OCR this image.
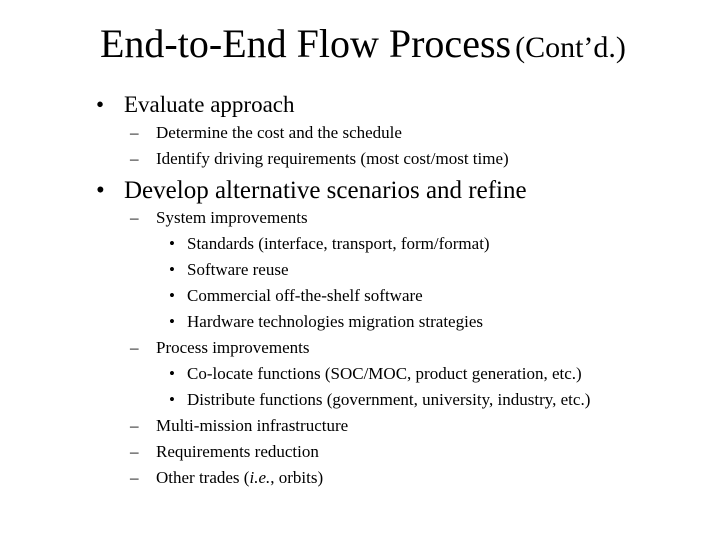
End-to-End Flow Process (Cont’d.)
• Evaluate approach
– Determine the cost and the schedule
– Identify driving requirements (most cost/most time)
• Develop alternative scenarios and refine
– System improvements
• Standards (interface, transport, form/format)
• Software reuse
• Commercial off-the-shelf software
• Hardware technologies migration strategies
– Process improvements
• Co-locate functions (SOC/MOC, product generation, etc.)
• Distribute functions (government, university, industry, etc.)
– Multi-mission infrastructure
– Requirements reduction
– Other trades (i.e., orbits)
